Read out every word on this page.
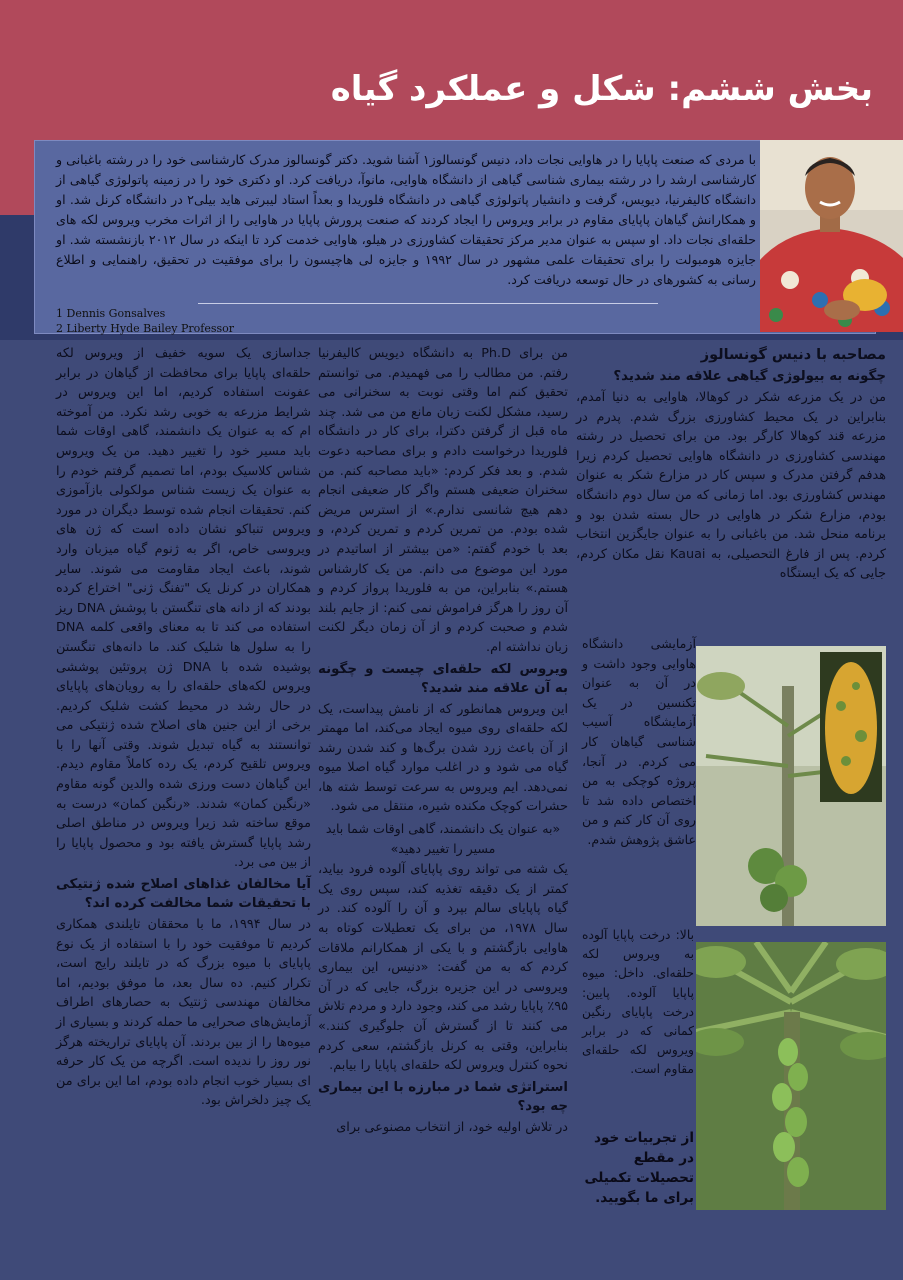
بخش ششم: شکل و عملکرد گیاه

با مردی که صنعت پاپایا را در هاوایی نجات داد، دنیس گونسالوز۱ آشنا شوید. دکتر گونسالوز مدرک کارشناسی خود را در رشته باغبانی و کارشناسی ارشد را در رشته بیماری شناسی گیاهی از دانشگاه هاوایی، مانوآ، دریافت کرد. او دکتری خود را در زمینه پاتولوژی گیاهی از دانشگاه کالیفرنیا، دیویس، گرفت و دانشیار پاتولوژی گیاهی در دانشگاه فلوریدا و بعداً استاد لیبرتی هاید بیلی۲ در دانشگاه کرنل شد. او و همکارانش گیاهان پاپایای مقاوم در برابر ویروس را ایجاد کردند که صنعت پرورش پاپایا در هاوایی را از اثرات مخرب ویروس لکه های حلقه‌ای نجات داد. او سپس به عنوان مدیر مرکز تحقیقات کشاورزی در هیلو، هاوایی خدمت کرد تا اینکه در سال ۲۰۱۲ بازنشسته شد. او جایزه هومبولت را برای تحقیقات علمی مشهور در سال ۱۹۹۲ و جایزه لی هاچیسون را برای موفقیت در تحقیق، راهنمایی و اطلاع رسانی به کشورهای در حال توسعه دریافت کرد.

1 Dennis Gonsalves

2 Liberty Hyde Bailey Professor

مصاحبه با دنیس گونسالوز
چگونه به بیولوژی گیاهی علاقه مند شدید؟

من در یک مزرعه شکر در کوهالا، هاوایی به دنیا آمدم، بنابراین در یک محیط کشاورزی بزرگ شدم. پدرم در مزرعه قند کوهالا کارگر بود. من برای تحصیل در رشته مهندسی کشاورزی در دانشگاه هاوایی تحصیل کردم زیرا هدفم گرفتن مدرک و سپس کار در مزارع شکر به عنوان مهندس کشاورزی بود. اما زمانی که من سال دوم دانشگاه بودم، مزارع شکر در هاوایی در حال بسته شدن بود و برنامه منحل شد. من باغبانی را به عنوان جایگزین انتخاب کردم. پس از فارغ التحصیلی، به Kauai نقل مکان کردم، جایی که یک ایستگاه

آزمایشی دانشگاه هاوایی وجود داشت و در آن به عنوان تکنسین در یک آزمایشگاه آسیب شناسی گیاهان کار می کردم. در آنجا، پروژه کوچکی به من اختصاص داده شد تا روی آن کار کنم و من عاشق پژوهش شدم.

بالا: درخت پاپایا آلوده به ویروس لکه حلقه‌ای. داخل: میوه پاپایا آلوده. پایین: درخت پاپایای رنگین کمانی که در برابر ویروس لکه حلقه‌ای مقاوم است.

از تجربیات خود در مقطع تحصیلات تکمیلی برای ما بگویید.

من برای Ph.D به دانشگاه دیویس کالیفرنیا رفتم. من مطالب را می فهمیدم. می توانستم تحقیق کنم اما وقتی نوبت به سخنرانی می رسید، مشکل لکنت زبان مانع من می شد. چند ماه قبل از گرفتن دکترا، برای کار در دانشگاه فلوریدا درخواست دادم و برای مصاحبه دعوت شدم. و بعد فکر کردم: «باید مصاحبه کنم. من سخنران ضعیفی هستم واگر کار ضعیفی انجام دهم هیچ شانسی ندارم.» از استرس مریض شده بودم. من تمرین کردم و تمرین کردم، و بعد با خودم گفتم: «من بیشتر از اساتیدم در مورد این موضوع می دانم. من یک کارشناس هستم.» بنابراین، من به فلوریدا پرواز کردم و آن روز را هرگز فراموش نمی کنم: از جایم بلند شدم و صحبت کردم و از آن زمان دیگر لکنت زبان نداشته ام.

ویروس لکه حلقه‌ای چیست و چگونه به آن علاقه مند شدید؟

این ویروس همانطور که از نامش پیداست، یک لکه حلقه‌ای روی میوه ایجاد می‌کند، اما مهمتر از آن باعث زرد شدن برگ‌ها و کند شدن رشد گیاه می شود و در اغلب موارد گیاه اصلا میوه نمی‌دهد. ایم ویروس به سرعت توسط شته ها، حشرات کوچک مکنده شیره، منتقل می شود.

«به عنوان یک دانشمند، گاهی اوقات شما باید مسیر را تغییر دهید»

یک شته می تواند روی پاپایای آلوده فرود بیاید، کمتر از یک دقیقه تغذیه کند، سپس روی یک گیاه پاپایای سالم بپرد و آن را آلوده کند. در سال ۱۹۷۸، من برای یک تعطیلات کوتاه به هاوایی بازگشتم و با یکی از همکارانم ملاقات کردم که به من گفت: «دنیس، این بیماری ویروسی در این جزیره بزرگ، جایی که در آن ۹۵٪ پاپایا رشد می کند، وجود دارد و مردم تلاش می کنند تا از گسترش آن جلوگیری کنند.» بنابراین، وقتی به کرنل بازگشتم، سعی کردم نحوه کنترل ویروس لکه حلقه‌ای پاپایا را بیابم.

استراتژی شما در مبارزه با این بیماری چه بود؟

در تلاش اولیه خود، از انتخاب مصنوعی برای

جداسازی یک سویه خفیف از ویروس لکه حلقه‌ای پاپایا برای محافظت از گیاهان در برابر عفونت استفاده کردیم، اما این ویروس در شرایط مزرعه به خوبی رشد نکرد. من آموخته ام که به عنوان یک دانشمند، گاهی اوقات شما باید مسیر خود را تغییر دهید. من یک ویروس شناس کلاسیک بودم، اما تصمیم گرفتم خودم را به عنوان یک زیست شناس مولکولی بازآموزی کنم. تحقیقات انجام شده توسط دیگران در مورد ویروس تنباکو نشان داده است که ژن های ویروسی خاص، اگر به ژنوم گیاه میزبان وارد شوند، باعث ایجاد مقاومت می شوند. سایر همکاران در کرنل یک "تفنگ ژنی" اختراع کرده بودند که از دانه های تنگستن با پوشش DNA ریز استفاده می کند تا به معنای واقعی کلمه DNA را به سلول ها شلیک کند. ما دانه‌های تنگستن پوشیده شده با DNA ژن پروتئین پوششی ویروس لکه‌های حلقه‌ای را به رویان‌های پاپایای در حال رشد در محیط کشت شلیک کردیم. برخی از این جنین های اصلاح شده ژنتیکی می توانستند به گیاه تبدیل شوند. وقتی آنها را با ویروس تلقیح کردم، یک رده کاملاً مقاوم دیدم. این گیاهان دست ورزی شده والدین گونه مقاوم «رنگین کمان» شدند. «رنگین کمان» درست به موقع ساخته شد زیرا ویروس در مناطق اصلی رشد پاپایا گسترش یافته بود و محصول پاپایا را از بین می برد.

آیا مخالفان غذاهای اصلاح شده ژنتیکی با تحقیقات شما مخالفت کرده اند؟

در سال ۱۹۹۴، ما با محققان تایلندی همکاری کردیم تا موفقیت خود را با استفاده از یک نوع پاپایای با میوه بزرگ که در تایلند رایج است، تکرار کنیم. ده سال بعد، ما موفق بودیم، اما مخالفان مهندسی ژنتیک به حصارهای اطراف آزمایش‌های صحرایی ما حمله کردند و بسیاری از میوه‌ها را از بین بردند. آن پاپایای تراریخته هرگز نور روز را ندیده است. اگرچه من یک کار حرفه ای بسیار خوب انجام داده بودم، اما این برای من یک چیز دلخراش بود.
